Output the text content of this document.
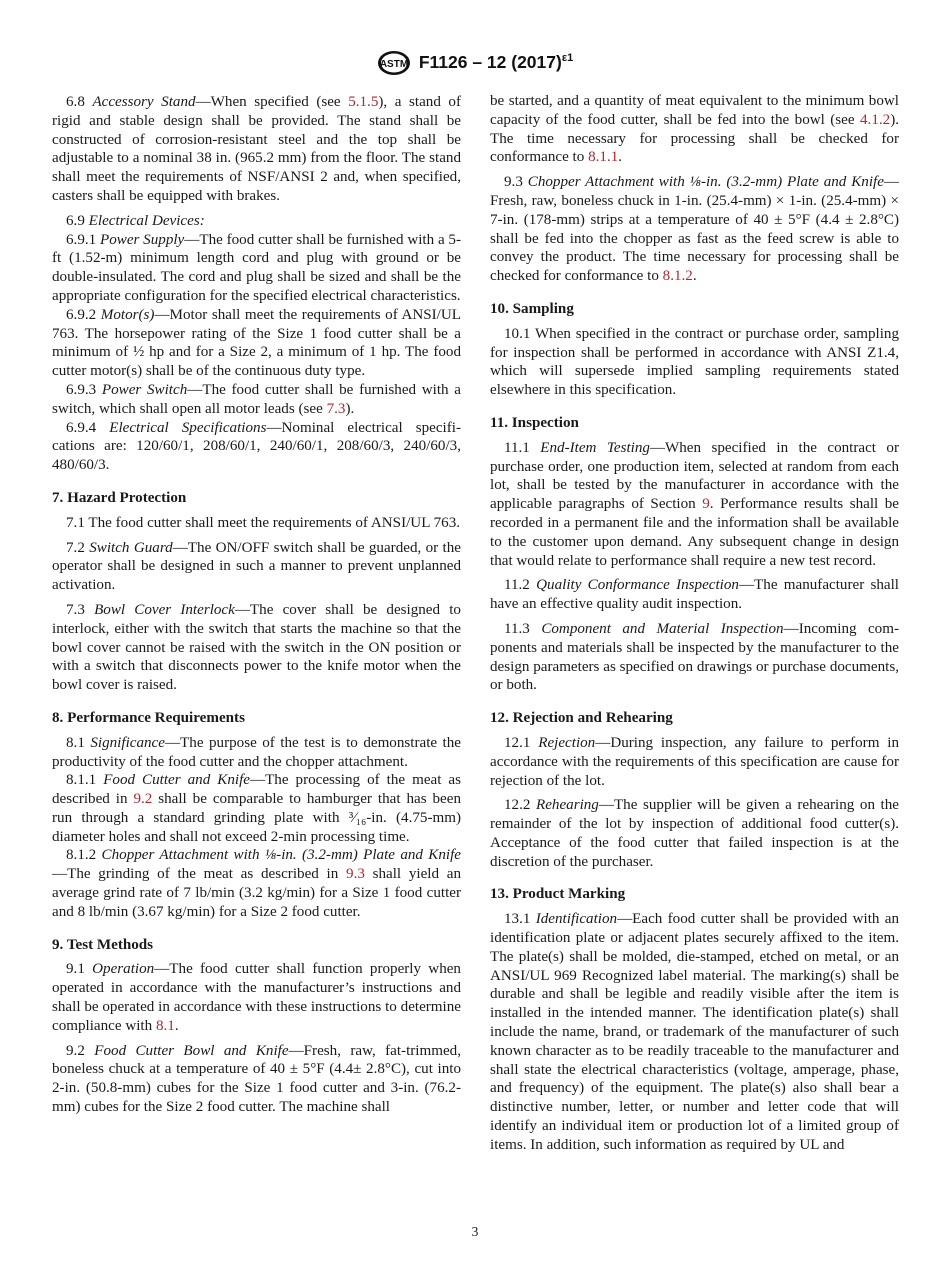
ASTM F1126 – 12 $(2017)^{\varepsilon 1}$

6.8 Accessory Stand—When specified (see 5.1.5), a stand of rigid and stable design shall be provided. The stand shall be constructed of corrosion-resistant steel and the top shall be adjustable to a nominal 38 in. (965.2 mm) from the floor. The stand shall meet the requirements of NSF/ANSI 2 and, when specified, casters shall be equipped with brakes.

6.9 Electrical Devices:

6.9.1 Power Supply—The food cutter shall be furnished with a 5-ft (1.52-m) minimum length cord and plug with ground or be double-insulated. The cord and plug shall be sized and shall be the appropriate configuration for the specified electrical characteristics.

6.9.2 Motor(s)—Motor shall meet the requirements of ANSI/UL 763. The horsepower rating of the Size 1 food cutter shall be a minimum of ½ hp and for a Size 2, a minimum of 1 hp. The food cutter motor(s) shall be of the continuous duty type.

6.9.3 Power Switch—The food cutter shall be furnished with a switch, which shall open all motor leads (see 7.3).

6.9.4 Electrical Specifications—Nominal electrical specifications are: 120/60/1, 208/60/1, 240/60/1, 208/60/3, 240/60/3, 480/60/3.

7. Hazard Protection

7.1 The food cutter shall meet the requirements of ANSI/UL 763.

7.2 Switch Guard—The ON/OFF switch shall be guarded, or the operator shall be designed in such a manner to prevent unplanned activation.

7.3 Bowl Cover Interlock—The cover shall be designed to interlock, either with the switch that starts the machine so that the bowl cover cannot be raised with the switch in the ON position or with a switch that disconnects power to the knife motor when the bowl cover is raised.

8. Performance Requirements

8.1 Significance—The purpose of the test is to demonstrate the productivity of the food cutter and the chopper attachment.

8.1.1 Food Cutter and Knife—The processing of the meat as described in 9.2 shall be comparable to hamburger that has been run through a standard grinding plate with ³⁄₁₆-in. (4.75-mm) diameter holes and shall not exceed 2-min processing time.

8.1.2 Chopper Attachment with ⅛-in. (3.2-mm) Plate and Knife—The grinding of the meat as described in 9.3 shall yield an average grind rate of 7 lb/min (3.2 kg/min) for a Size 1 food cutter and 8 lb/min (3.67 kg/min) for a Size 2 food cutter.

9. Test Methods

9.1 Operation—The food cutter shall function properly when operated in accordance with the manufacturer’s instructions and shall be operated in accordance with these instructions to determine compliance with 8.1.

9.2 Food Cutter Bowl and Knife—Fresh, raw, fat-trimmed, boneless chuck at a temperature of 40 ± 5°F (4.4± 2.8°C), cut into 2-in. (50.8-mm) cubes for the Size 1 food cutter and 3-in. (76.2-mm) cubes for the Size 2 food cutter. The machine shall

be started, and a quantity of meat equivalent to the minimum bowl capacity of the food cutter, shall be fed into the bowl (see 4.1.2). The time necessary for processing shall be checked for conformance to 8.1.1.

9.3 Chopper Attachment with ⅛-in. (3.2-mm) Plate and Knife—Fresh, raw, boneless chuck in 1-in. (25.4-mm) × 1-in. (25.4-mm) × 7-in. (178-mm) strips at a temperature of 40 ± 5°F (4.4 ± 2.8°C) shall be fed into the chopper as fast as the feed screw is able to convey the product. The time necessary for processing shall be checked for conformance to 8.1.2.

10. Sampling

10.1 When specified in the contract or purchase order, sampling for inspection shall be performed in accordance with ANSI Z1.4, which will supersede implied sampling requirements stated elsewhere in this specification.

11. Inspection

11.1 End-Item Testing—When specified in the contract or purchase order, one production item, selected at random from each lot, shall be tested by the manufacturer in accordance with the applicable paragraphs of Section 9. Performance results shall be recorded in a permanent file and the information shall be available to the customer upon demand. Any subsequent change in design that would relate to performance shall require a new test record.

11.2 Quality Conformance Inspection—The manufacturer shall have an effective quality audit inspection.

11.3 Component and Material Inspection—Incoming components and materials shall be inspected by the manufacturer to the design parameters as specified on drawings or purchase documents, or both.

12. Rejection and Rehearing

12.1 Rejection—During inspection, any failure to perform in accordance with the requirements of this specification are cause for rejection of the lot.

12.2 Rehearing—The supplier will be given a rehearing on the remainder of the lot by inspection of additional food cutter(s). Acceptance of the food cutter that failed inspection is at the discretion of the purchaser.

13. Product Marking

13.1 Identification—Each food cutter shall be provided with an identification plate or adjacent plates securely affixed to the item. The plate(s) shall be molded, die-stamped, etched on metal, or an ANSI/UL 969 Recognized label material. The marking(s) shall be durable and shall be legible and readily visible after the item is installed in the intended manner. The identification plate(s) shall include the name, brand, or trademark of the manufacturer of such known character as to be readily traceable to the manufacturer and shall state the electrical characteristics (voltage, amperage, phase, and frequency) of the equipment. The plate(s) also shall bear a distinctive number, letter, or number and letter code that will identify an individual item or production lot of a limited group of items. In addition, such information as required by UL and

3
